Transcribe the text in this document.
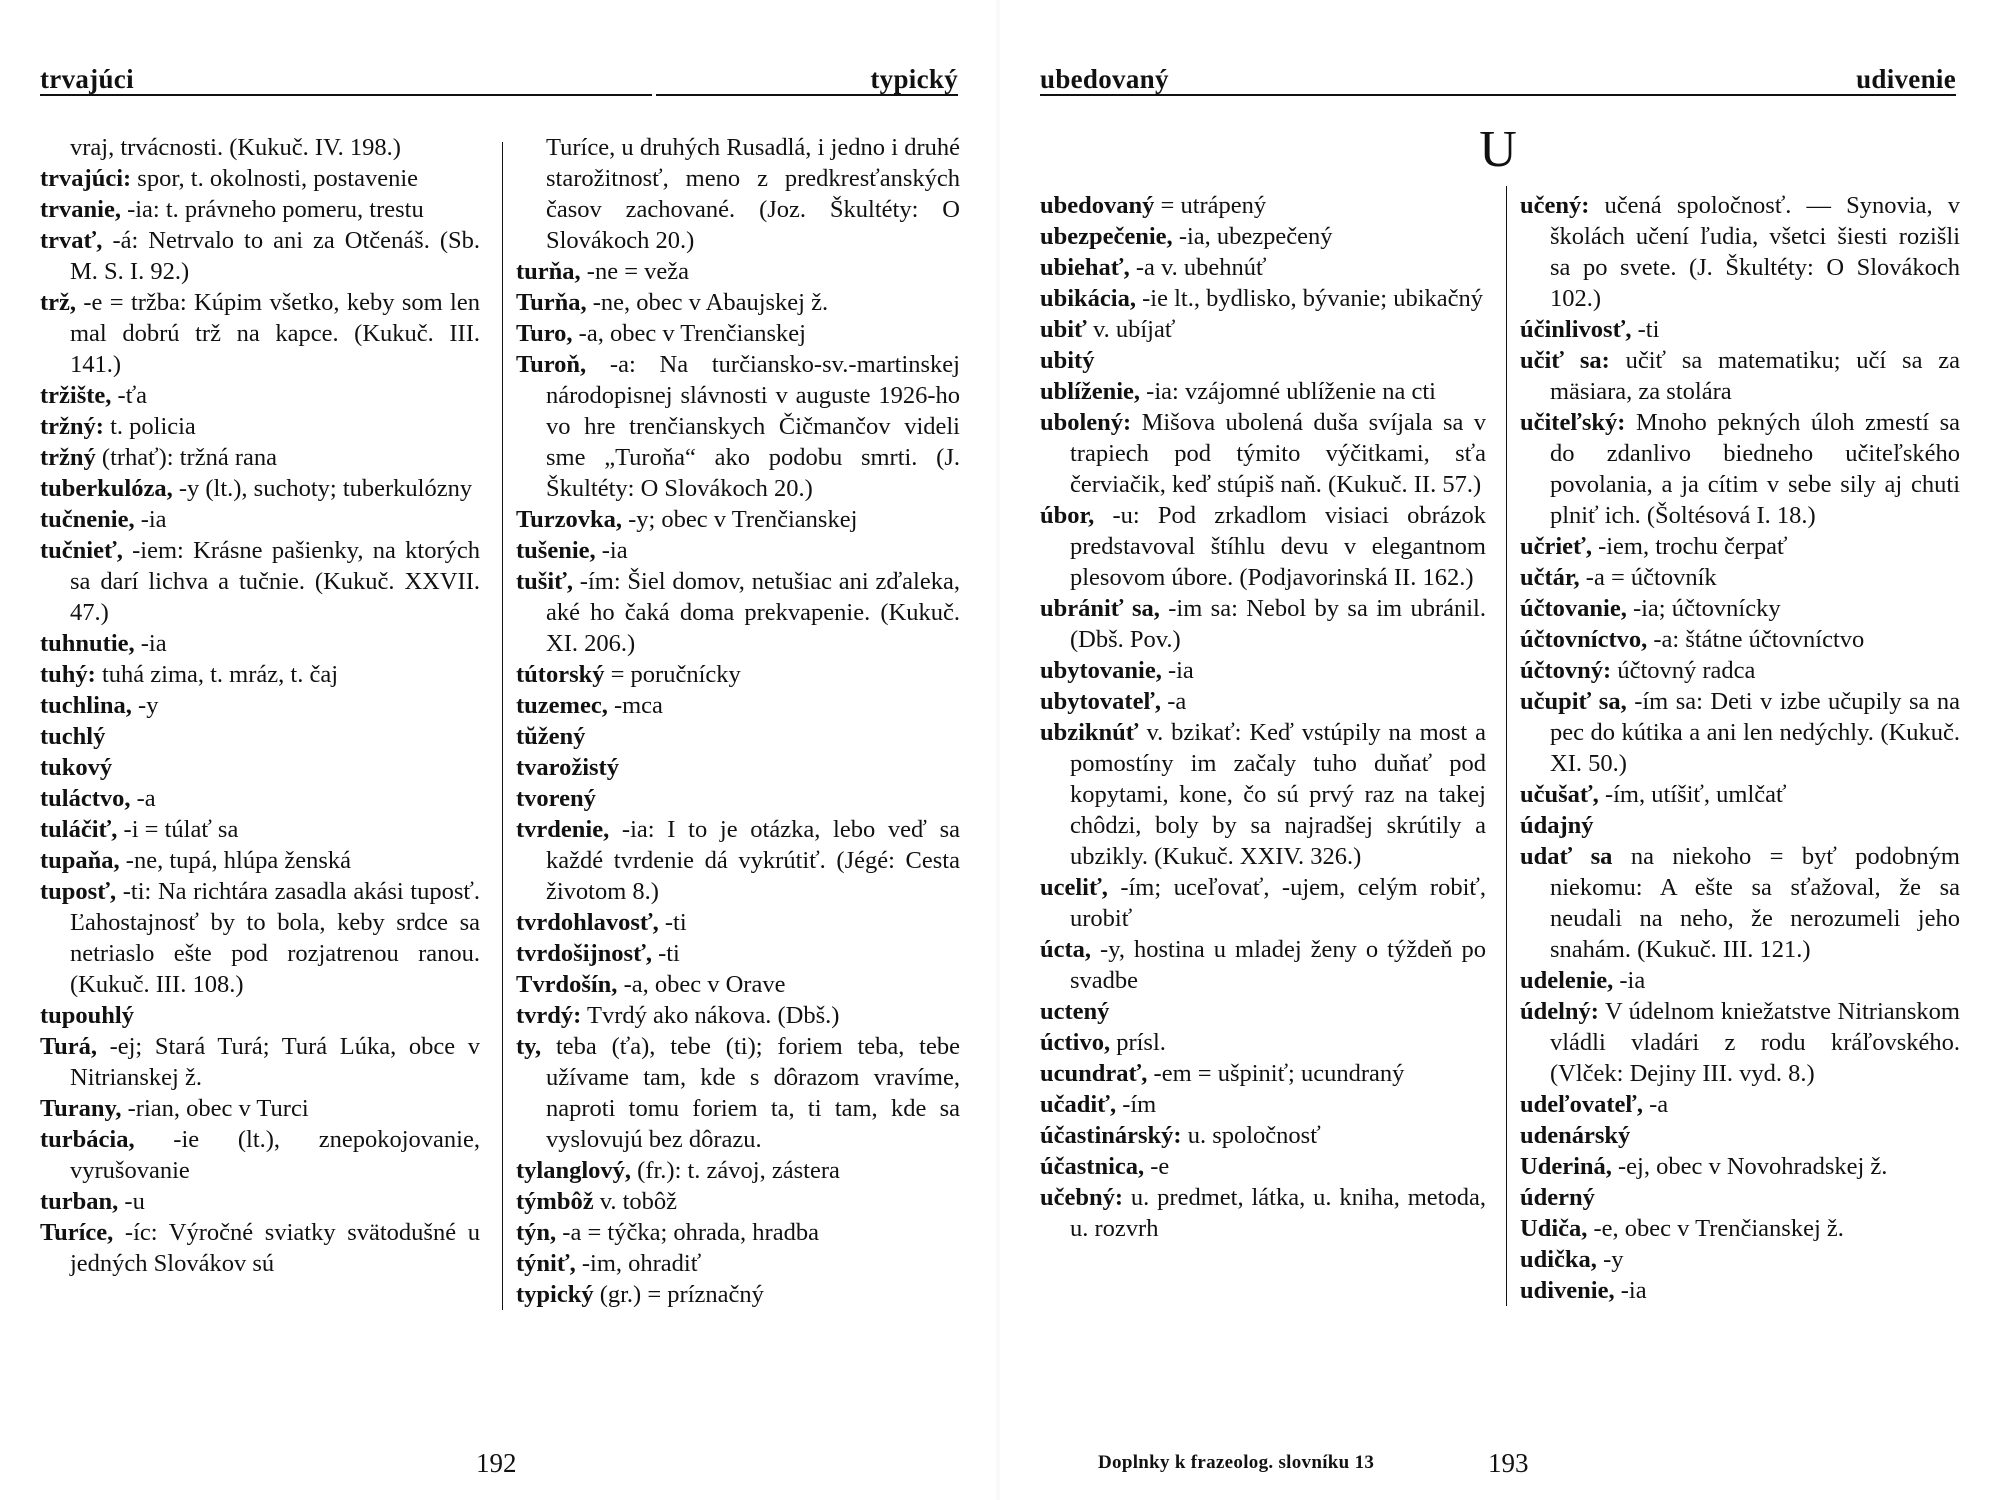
trvajúci	typický

vraj, trvácnosti. (Kukuč. IV. 198.)

trvajúci: spor, t. okolnosti, postavenie

trvanie, -ia: t. právneho pomeru, trestu

trvať, -á: Netrvalo to ani za Otčenáš. (Sb. M. S. I. 92.)

trž, -e = tržba: Kúpim všetko, keby som len mal dobrú trž na kapce. (Kukuč. III. 141.)

tržište, -ťa

tržný: t. policia

tržný (trhať): tržná rana

tuberkulóza, -y (lt.), suchoty; tuberkulózny

tučnenie, -ia

tučnieť, -iem: Krásne pašienky, na ktorých sa darí lichva a tučnie. (Kukuč. XXVII. 47.)

tuhnutie, -ia

tuhý: tuhá zima, t. mráz, t. čaj

tuchlina, -y

tuchlý

tukový

tuláctvo, -a

tuláčiť, -i = túlať sa

tupaňa, -ne, tupá, hlúpa ženská

tuposť, -ti: Na richtára zasadla akási tuposť. Ľahostajnosť by to bola, keby srdce sa netriaslo ešte pod rozjatrenou ranou. (Kukuč. III. 108.)

tupouhlý

Turá, -ej; Stará Turá; Turá Lúka, obce v Nitrianskej ž.

Turany, -rian, obec v Turci

turbácia, -ie (lt.), znepokojovanie, vyrušovanie

turban, -u

Turíce, -íc: Výročné sviatky svätodušné u jedných Slovákov sú

Turíce, u druhých Rusadlá, i jedno i druhé starožitnosť, meno z predkresťanských časov zachované. (Joz. Škultéty: O Slovákoch 20.)

turňa, -ne = veža

Turňa, -ne, obec v Abaujskej ž.

Turo, -a, obec v Trenčianskej

Turoň, -a: Na turčiansko-sv.-martinskej národopisnej slávnosti v auguste 1926-ho vo hre trenčianskych Čičmančov videli sme „Turoňa“ ako podobu smrti. (J. Škultéty: O Slovákoch 20.)

Turzovka, -y; obec v Trenčianskej

tušenie, -ia

tušiť, -ím: Šiel domov, netušiac ani zďaleka, aké ho čaká doma prekvapenie. (Kukuč. XI. 206.)

tútorský = poručnícky

tuzemec, -mca

tŭžený

tvarožistý

tvorený

tvrdenie, -ia: I to je otázka, lebo veď sa každé tvrdenie dá vykrútiť. (Jégé: Cesta životom 8.)

tvrdohlavosť, -ti

tvrdošijnosť, -ti

Tvrdošín, -a, obec v Orave

tvrdý: Tvrdý ako nákova. (Dbš.)

ty, teba (ťa), tebe (ti); foriem teba, tebe užívame tam, kde s dôrazom vravíme, naproti tomu foriem ta, ti tam, kde sa vyslovujú bez dôrazu.

tylanglový, (fr.): t. závoj, zástera

týmbôž v. tobôž

týn, -a = týčka; ohrada, hradba

týniť, -im, ohradiť

typický (gr.) = príznačný

192
ubedovaný	udivenie
U

ubedovaný = utrápený

ubezpečenie, -ia, ubezpečený

ubiehať, -a v. ubehnúť

ubikácia, -ie lt., bydlisko, bývanie; ubikačný

ubiť v. ubíjať

ubitý

ublíženie, -ia: vzájomné ublíženie na cti

ubolený: Mišova ubolená duša svíjala sa v trapiech pod týmito výčitkami, sťa červiačik, keď stúpiš naň. (Kukuč. II. 57.)

úbor, -u: Pod zrkadlom visiaci obrázok predstavoval štíhlu devu v elegantnom plesovom úbore. (Podjavorinská II. 162.)

ubrániť sa, -im sa: Nebol by sa im ubránil. (Dbš. Pov.)

ubytovanie, -ia

ubytovateľ, -a

ubziknúť v. bzikať: Keď vstúpily na most a pomostíny im začaly tuho duňať pod kopytami, kone, čo sú prvý raz na takej chôdzi, boly by sa najradšej skrútily a ubzikly. (Kukuč. XXIV. 326.)

uceliť, -ím; uceľovať, -ujem, celým robiť, urobiť

úcta, -y, hostina u mladej ženy o týždeň po svadbe

uctený

úctivo, prísl.

ucundrať, -em = ušpiniť; ucundraný

učadiť, -ím

účastinárský: u. spoločnosť

účastnica, -e

učebný: u. predmet, látka, u. kniha, metoda, u. rozvrh

učený: učená spoločnosť. — Synovia, v školách učení ľudia, všetci šiesti rozišli sa po svete. (J. Škultéty: O Slovákoch 102.)

účinlivosť, -ti

učiť sa: učiť sa matematiku; učí sa za mäsiara, za stolára

učiteľský: Mnoho pekných úloh zmestí sa do zdanlivo biedneho učiteľského povolania, a ja cítim v sebe sily aj chuti plniť ich. (Šoltésová I. 18.)

učrieť, -iem, trochu čerpať

učtár, -a = účtovník

účtovanie, -ia; účtovnícky

účtovníctvo, -a: štátne účtovníctvo

účtovný: účtovný radca

učupiť sa, -ím sa: Deti v izbe učupily sa na pec do kútika a ani len nedýchly. (Kukuč. XI. 50.)

učušať, -ím, utíšiť, umlčať

údajný

udať sa na niekoho = byť podobným niekomu: A ešte sa sťažoval, že sa neudali na neho, že nerozumeli jeho snahám. (Kukuč. III. 121.)

udelenie, -ia

údelný: V údelnom kniežatstve Nitrianskom vládli vladári z rodu kráľovského. (Vlček: Dejiny III. vyd. 8.)

udeľovateľ, -a

udenárský

Uderiná, -ej, obec v Novohradskej ž.

úderný

Udiča, -e, obec v Trenčianskej ž.

udička, -y

udivenie, -ia

Doplnky k frazeolog. slovníku 13	193
